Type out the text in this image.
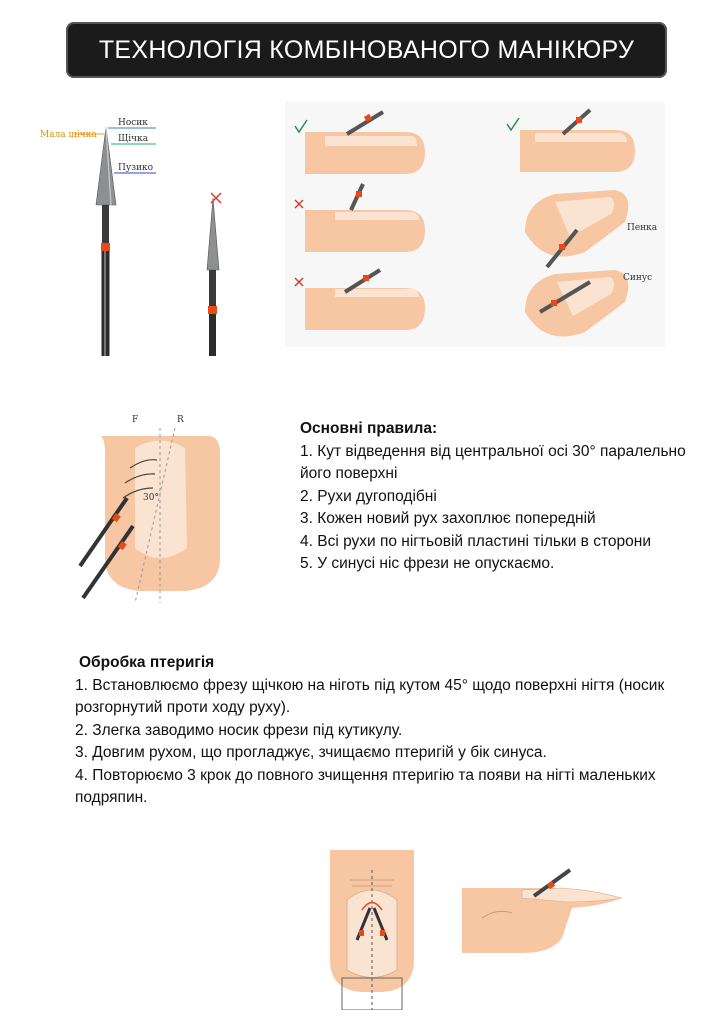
ТЕХНОЛОГІЯ КОМБІНОВАНОГО МАНІКЮРУ
Мала щічка
Носик
Щічка
Пузико
Пенка
Синус
F	R
30°

Основні правила:

1. Кут відведення від центральної осі 30° паралельно його поверхні

2. Рухи дугоподібні

3. Кожен новий рух захоплює попередній

4. Всі рухи по нігтьовій пластині тільки в сторони

5. У синусі ніс фрези не опускаємо.

Обробка птеригія

1. Встановлюємо фрезу щічкою на ніготь під кутом 45° щодо поверхні нігтя (носик розгорнутий проти ходу руху).

2. Злегка заводимо носик фрези під кутикулу.

3. Довгим рухом, що прогладжує, зчищаємо птеригій у бік синуса.

4. Повторюємо 3 крок до повного зчищення птеригію та появи на нігті маленьких подряпин.
